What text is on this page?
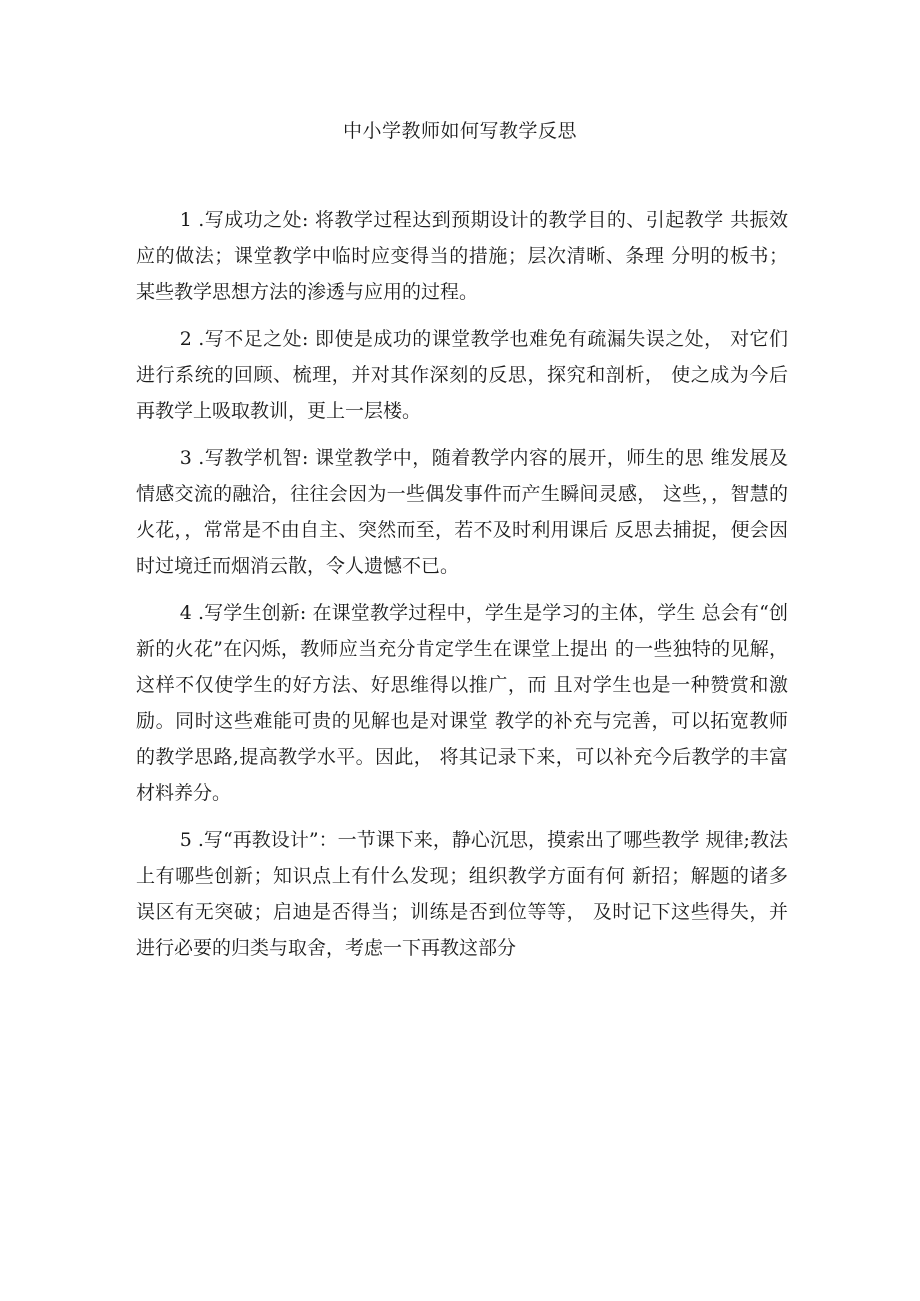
中小学教师如何写教学反思

1 .写成功之处: 将教学过程达到预期设计的教学目的、引起教学 共振效应的做法；课堂教学中临时应变得当的措施；层次清晰、条理 分明的板书；某些教学思想方法的渗透与应用的过程。

2 .写不足之处: 即使是成功的课堂教学也难免有疏漏失误之处， 对它们进行系统的回顾、梳理，并对其作深刻的反思，探究和剖析， 使之成为今后再教学上吸取教训，更上一层楼。

3 .写教学机智: 课堂教学中，随着教学内容的展开，师生的思 维发展及情感交流的融洽，往往会因为一些偶发事件而产生瞬间灵感， 这些，，智慧的火花，，常常是不由自主、突然而至，若不及时利用课后 反思去捕捉，便会因时过境迁而烟消云散，令人遗憾不已。

4 .写学生创新: 在课堂教学过程中，学生是学习的主体，学生 总会有“创新的火花”在闪烁，教师应当充分肯定学生在课堂上提出 的一些独特的见解，这样不仅使学生的好方法、好思维得以推广，而 且对学生也是一种赞赏和激励。同时这些难能可贵的见解也是对课堂 教学的补充与完善，可以拓宽教师的教学思路,提高教学水平。因此， 将其记录下来，可以补充今后教学的丰富材料养分。

5 .写“再教设计”：一节课下来，静心沉思，摸索出了哪些教学 规律;教法上有哪些创新；知识点上有什么发现；组织教学方面有何 新招；解题的诸多误区有无突破；启迪是否得当；训练是否到位等等， 及时记下这些得失，并进行必要的归类与取舍，考虑一下再教这部分
